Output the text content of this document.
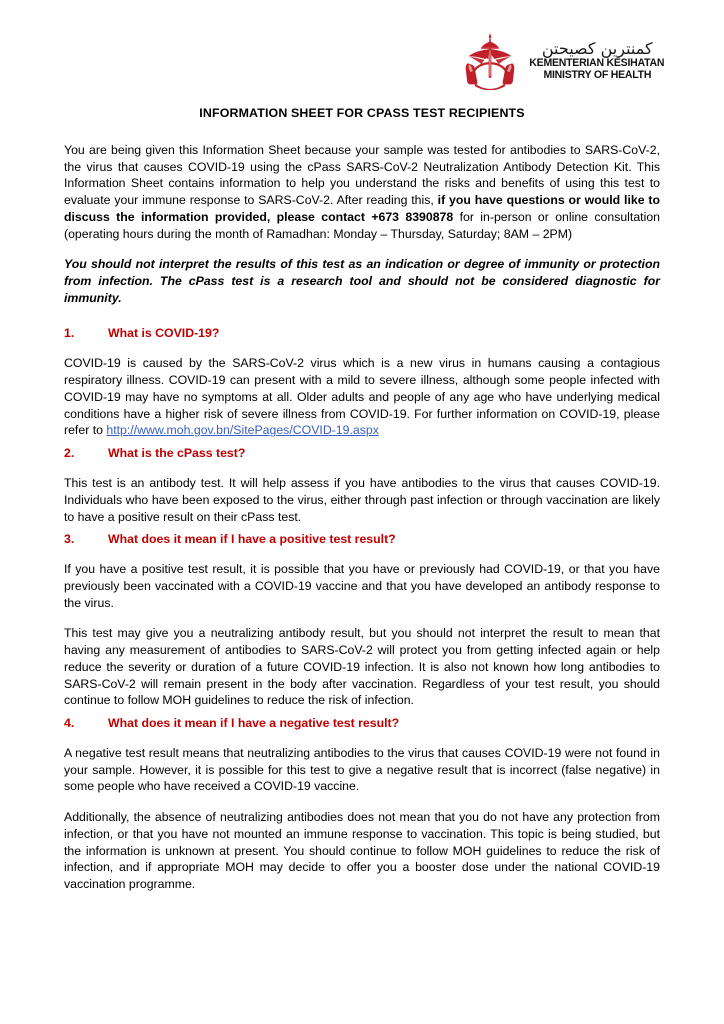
كمنترين كصيحتن
KEMENTERIAN KESIHATAN
MINISTRY OF HEALTH
INFORMATION SHEET FOR CPASS TEST RECIPIENTS

You are being given this Information Sheet because your sample was tested for antibodies to SARS-CoV-2, the virus that causes COVID-19 using the cPass SARS-CoV-2 Neutralization Antibody Detection Kit. This Information Sheet contains information to help you understand the risks and benefits of using this test to evaluate your immune response to SARS-CoV-2. After reading this, if you have questions or would like to discuss the information provided, please contact +673 8390878 for in-person or online consultation (operating hours during the month of Ramadhan: Monday – Thursday, Saturday; 8AM – 2PM)

You should not interpret the results of this test as an indication or degree of immunity or protection from infection. The cPass test is a research tool and should not be considered diagnostic for immunity.

1.	What is COVID-19?

COVID-19 is caused by the SARS-CoV-2 virus which is a new virus in humans causing a contagious respiratory illness. COVID-19 can present with a mild to severe illness, although some people infected with COVID-19 may have no symptoms at all. Older adults and people of any age who have underlying medical conditions have a higher risk of severe illness from COVID-19. For further information on COVID-19, please refer to http://www.moh.gov.bn/SitePages/COVID-19.aspx

2.	What is the cPass test?

This test is an antibody test. It will help assess if you have antibodies to the virus that causes COVID-19. Individuals who have been exposed to the virus, either through past infection or through vaccination are likely to have a positive result on their cPass test.

3.	What does it mean if I have a positive test result?

If you have a positive test result, it is possible that you have or previously had COVID-19, or that you have previously been vaccinated with a COVID-19 vaccine and that you have developed an antibody response to the virus.

This test may give you a neutralizing antibody result, but you should not interpret the result to mean that having any measurement of antibodies to SARS-CoV-2 will protect you from getting infected again or help reduce the severity or duration of a future COVID-19 infection. It is also not known how long antibodies to SARS-CoV-2 will remain present in the body after vaccination. Regardless of your test result, you should continue to follow MOH guidelines to reduce the risk of infection.

4.	What does it mean if I have a negative test result?

A negative test result means that neutralizing antibodies to the virus that causes COVID-19 were not found in your sample. However, it is possible for this test to give a negative result that is incorrect (false negative) in some people who have received a COVID-19 vaccine.

Additionally, the absence of neutralizing antibodies does not mean that you do not have any protection from infection, or that you have not mounted an immune response to vaccination. This topic is being studied, but the information is unknown at present. You should continue to follow MOH guidelines to reduce the risk of infection, and if appropriate MOH may decide to offer you a booster dose under the national COVID-19 vaccination programme.
